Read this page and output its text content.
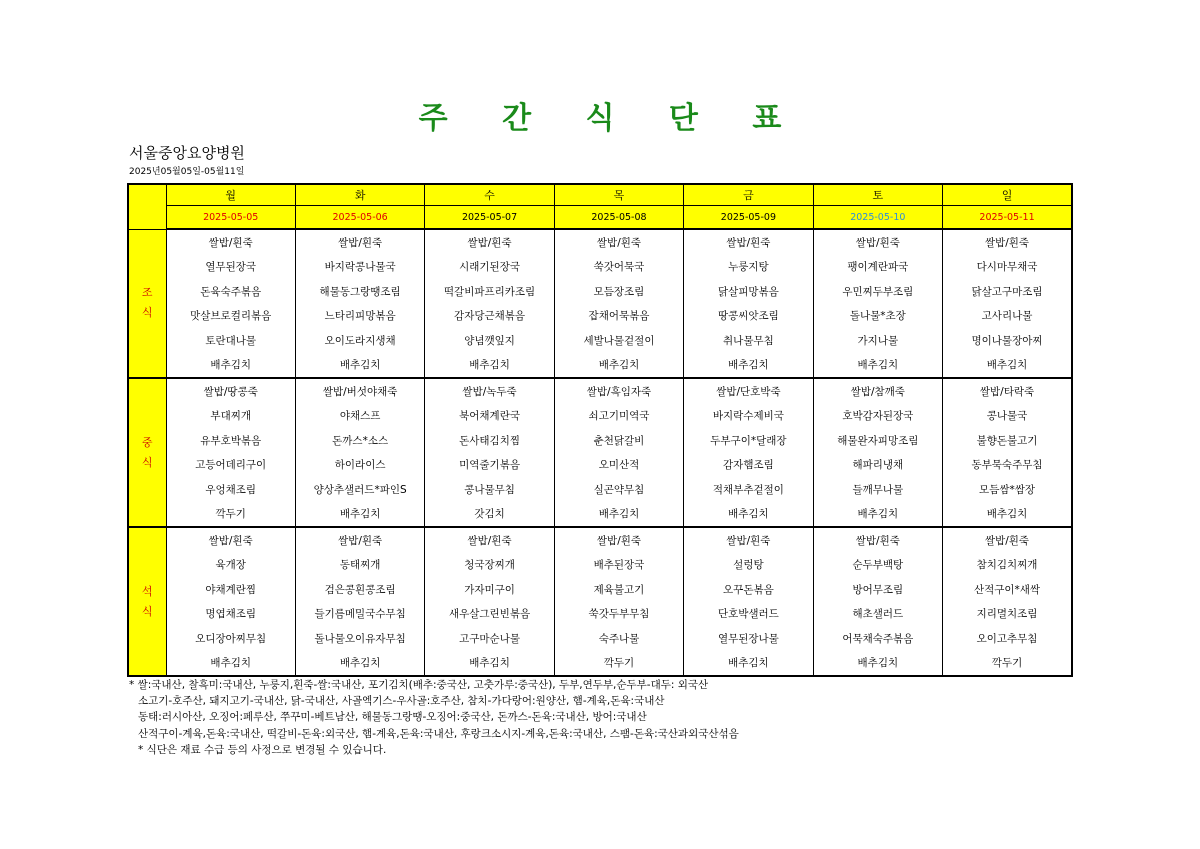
주 간 식 단 표
서울중앙요양병원
2025년05월05일-05월11일
	월	화	수	목	금	토	일
	2025-05-05	2025-05-06	2025-05-07	2025-05-08	2025-05-09	2025-05-10	2025-05-11

조
식	쌀밥/흰죽	쌀밥/흰죽	쌀밥/흰죽	쌀밥/흰죽	쌀밥/흰죽	쌀밥/흰죽	쌀밥/흰죽
	열무된장국	바지락콩나물국	시래기된장국	쑥갓어묵국	누룽지탕	팽이계란파국	다시마무채국
	돈육숙주볶음	해물동그랑땡조림	떡갈비파프리카조림	모듬장조림	닭살피망볶음	우민찌두부조림	닭살고구마조림
	맛살브로컬리볶음	느타리피망볶음	감자당근채볶음	잡채어묵볶음	땅콩씨앗조림	돌나물*초장	고사리나물
	토란대나물	오이도라지생채	양념깻잎지	세발나물겉절이	취나물무침	가지나물	명이나물장아찌
	배추김치	배추김치	배추김치	배추김치	배추김치	배추김치	배추김치

중
식	쌀밥/땅콩죽	쌀밥/버섯야채죽	쌀밥/녹두죽	쌀밥/흑임자죽	쌀밥/단호박죽	쌀밥/참깨죽	쌀밥/타락죽
	부대찌개	야채스프	북어채계란국	쇠고기미역국	바지락수제비국	호박감자된장국	콩나물국
	유부호박볶음	돈까스*소스	돈사태김치찜	춘천닭갈비	두부구이*달래장	해물완자피망조림	불향돈불고기
	고등어데리구이	하이라이스	미역줄기볶음	오미산적	감자햄조림	해파리냉채	동부묵숙주무침
	우엉채조림	양상추샐러드*파인S	콩나물무침	실곤약무침	적채부추겉절이	들깨무나물	모듬쌈*쌈장
	깍두기	배추김치	갓김치	배추김치	배추김치	배추김치	배추김치

석
식	쌀밥/흰죽	쌀밥/흰죽	쌀밥/흰죽	쌀밥/흰죽	쌀밥/흰죽	쌀밥/흰죽	쌀밥/흰죽
	육개장	동태찌개	청국장찌개	배추된장국	설렁탕	순두부백탕	참치김치찌개
	야채계란찜	검은콩흰콩조림	가자미구이	제육불고기	오꾸돈볶음	방어무조림	산적구이*새싹
	명엽채조림	들기름메밀국수무침	새우살그린빈볶음	쑥갓두부무침	단호박샐러드	해초샐러드	지리멸치조림
	오디장아찌무침	돌나물오이유자무침	고구마순나물	숙주나물	열무된장나물	어묵채숙주볶음	오이고추무침
	배추김치	배추김치	배추김치	깍두기	배추김치	배추김치	깍두기
* 쌀:국내산, 찰흑미:국내산, 누룽지,흰죽-쌀:국내산, 포기김치(배추:중국산, 고춧가루:중국산), 두부,연두부,순두부-대두: 외국산
소고기-호주산, 돼지고기-국내산, 닭-국내산, 사골엑기스-우사골:호주산, 참치-가다랑어:원양산, 햄-계육,돈육:국내산
동태:러시아산, 오징어:페루산, 쭈꾸미-베트남산, 해물동그랑땡-오징어:중국산, 돈까스-돈육:국내산, 방어:국내산
산적구이-계육,돈육:국내산, 떡갈비-돈육:외국산, 햄-계육,돈육:국내산, 후랑크소시지-계육,돈육:국내산, 스팸-돈육:국산과외국산섞음
* 식단은 재료 수급 등의 사정으로 변경될 수 있습니다.
